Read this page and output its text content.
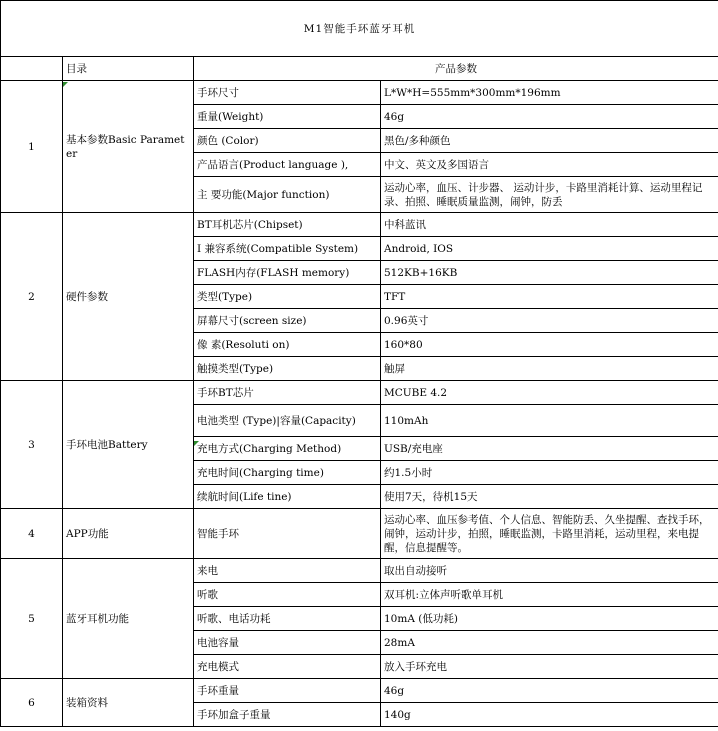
M1智能手环蓝牙耳机			
	目录	产品参数	
1	基本参数Basic Parameter	手环尺寸	L*W*H=555mm*300mm*196mm
		重量(Weight)	46g
		颜色 (Color)	黑色/多种颜色
		产品语言(Product language ),	中文、英文及多国语言
		主 要功能(Major function)	运动心率，血压、计步器、 运动计步，卡路里消耗计算、运动里程记录、拍照、睡眠质量监测，闹钟，防丢
2	硬件参数	BT耳机芯片(Chipset)	中科蓝讯
		I 兼容系统(Compatible System)	Android, IOS
		FLASH内存(FLASH memory)	512KB+16KB
		类型(Type)	TFT
		屏幕尺寸(screen size)	0.96英寸
		像 素(Resoluti on)	160*80
		触摸类型(Type)	触屏
3	手环电池Battery	手环BT芯片	MCUBE 4.2
		电池类型 (Type)|容量(Capacity)	110mAh
		充电方式(Charging Method)	USB/充电座
		充电时间(Charging time)	约1.5小时
		续航时间(Life tine)	使用7天，待机15天
4	APP功能	智能手环	运动心率、血压参考值、个人信息、智能防丢、久坐提醒、查找手环，闹钟，运动计步，拍照，睡眠监测，卡路里消耗，运动里程，来电提醒，信息提醒等。
5	蓝牙耳机功能	来电	取出自动接听
		听歌	双耳机:立体声听歌单耳机
		听歌、电话功耗	10mA (低功耗)
		电池容量	28mA
		充电模式	放入手环充电
6	装箱资料	手环重量	46g
		手环加盒子重量	140g
